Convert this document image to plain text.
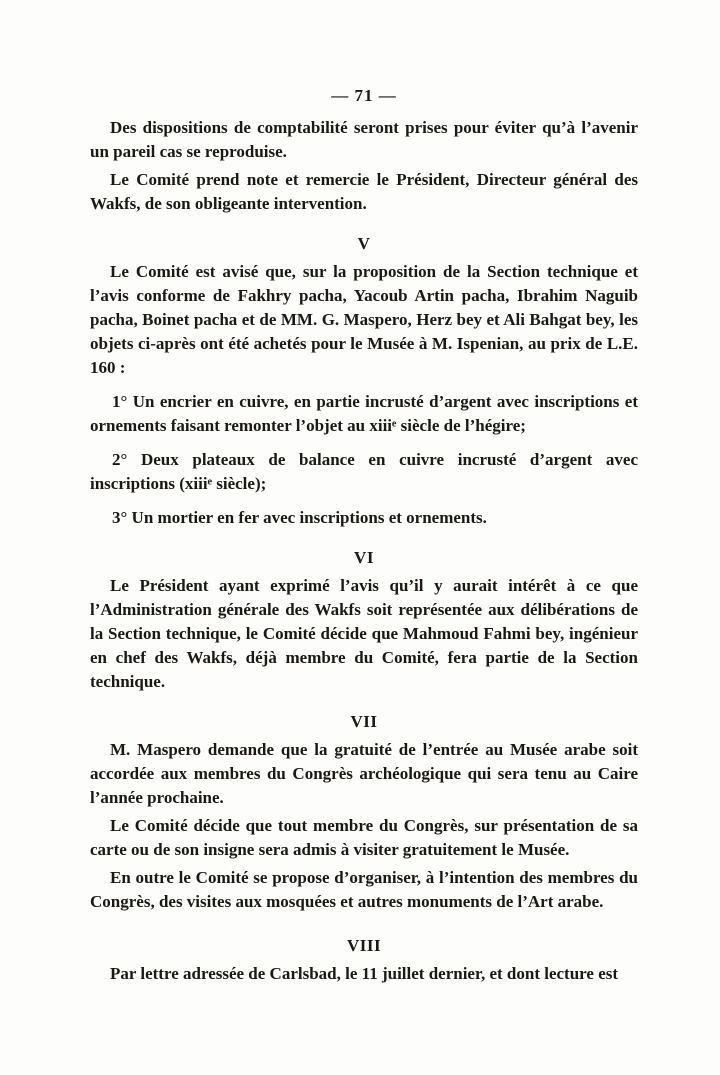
— 71 —

Des dispositions de comptabilité seront prises pour éviter qu’à l’avenir un pareil cas se reproduise.

Le Comité prend note et remercie le Président, Directeur général des Wakfs, de son obligeante intervention.

V

Le Comité est avisé que, sur la proposition de la Section technique et l’avis conforme de Fakhry pacha, Yacoub Artin pacha, Ibrahim Naguib pacha, Boinet pacha et de MM. G. Maspero, Herz bey et Ali Bahgat bey, les objets ci-après ont été achetés pour le Musée à M. Ispenian, au prix de L.E. 160 :

1° Un encrier en cuivre, en partie incrusté d’argent avec inscriptions et ornements faisant remonter l’objet au xiiiᵉ siècle de l’hégire;

2° Deux plateaux de balance en cuivre incrusté d’argent avec inscriptions (xiiiᵉ siècle);

3° Un mortier en fer avec inscriptions et ornements.

VI

Le Président ayant exprimé l’avis qu’il y aurait intérêt à ce que l’Administration générale des Wakfs soit représentée aux délibérations de la Section technique, le Comité décide que Mahmoud Fahmi bey, ingénieur en chef des Wakfs, déjà membre du Comité, fera partie de la Section technique.

VII

M. Maspero demande que la gratuité de l’entrée au Musée arabe soit accordée aux membres du Congrès archéologique qui sera tenu au Caire l’année prochaine.

Le Comité décide que tout membre du Congrès, sur présentation de sa carte ou de son insigne sera admis à visiter gratuitement le Musée.

En outre le Comité se propose d’organiser, à l’intention des membres du Congrès, des visites aux mosquées et autres monuments de l’Art arabe.

VIII

Par lettre adressée de Carlsbad, le 11 juillet dernier, et dont lecture est
